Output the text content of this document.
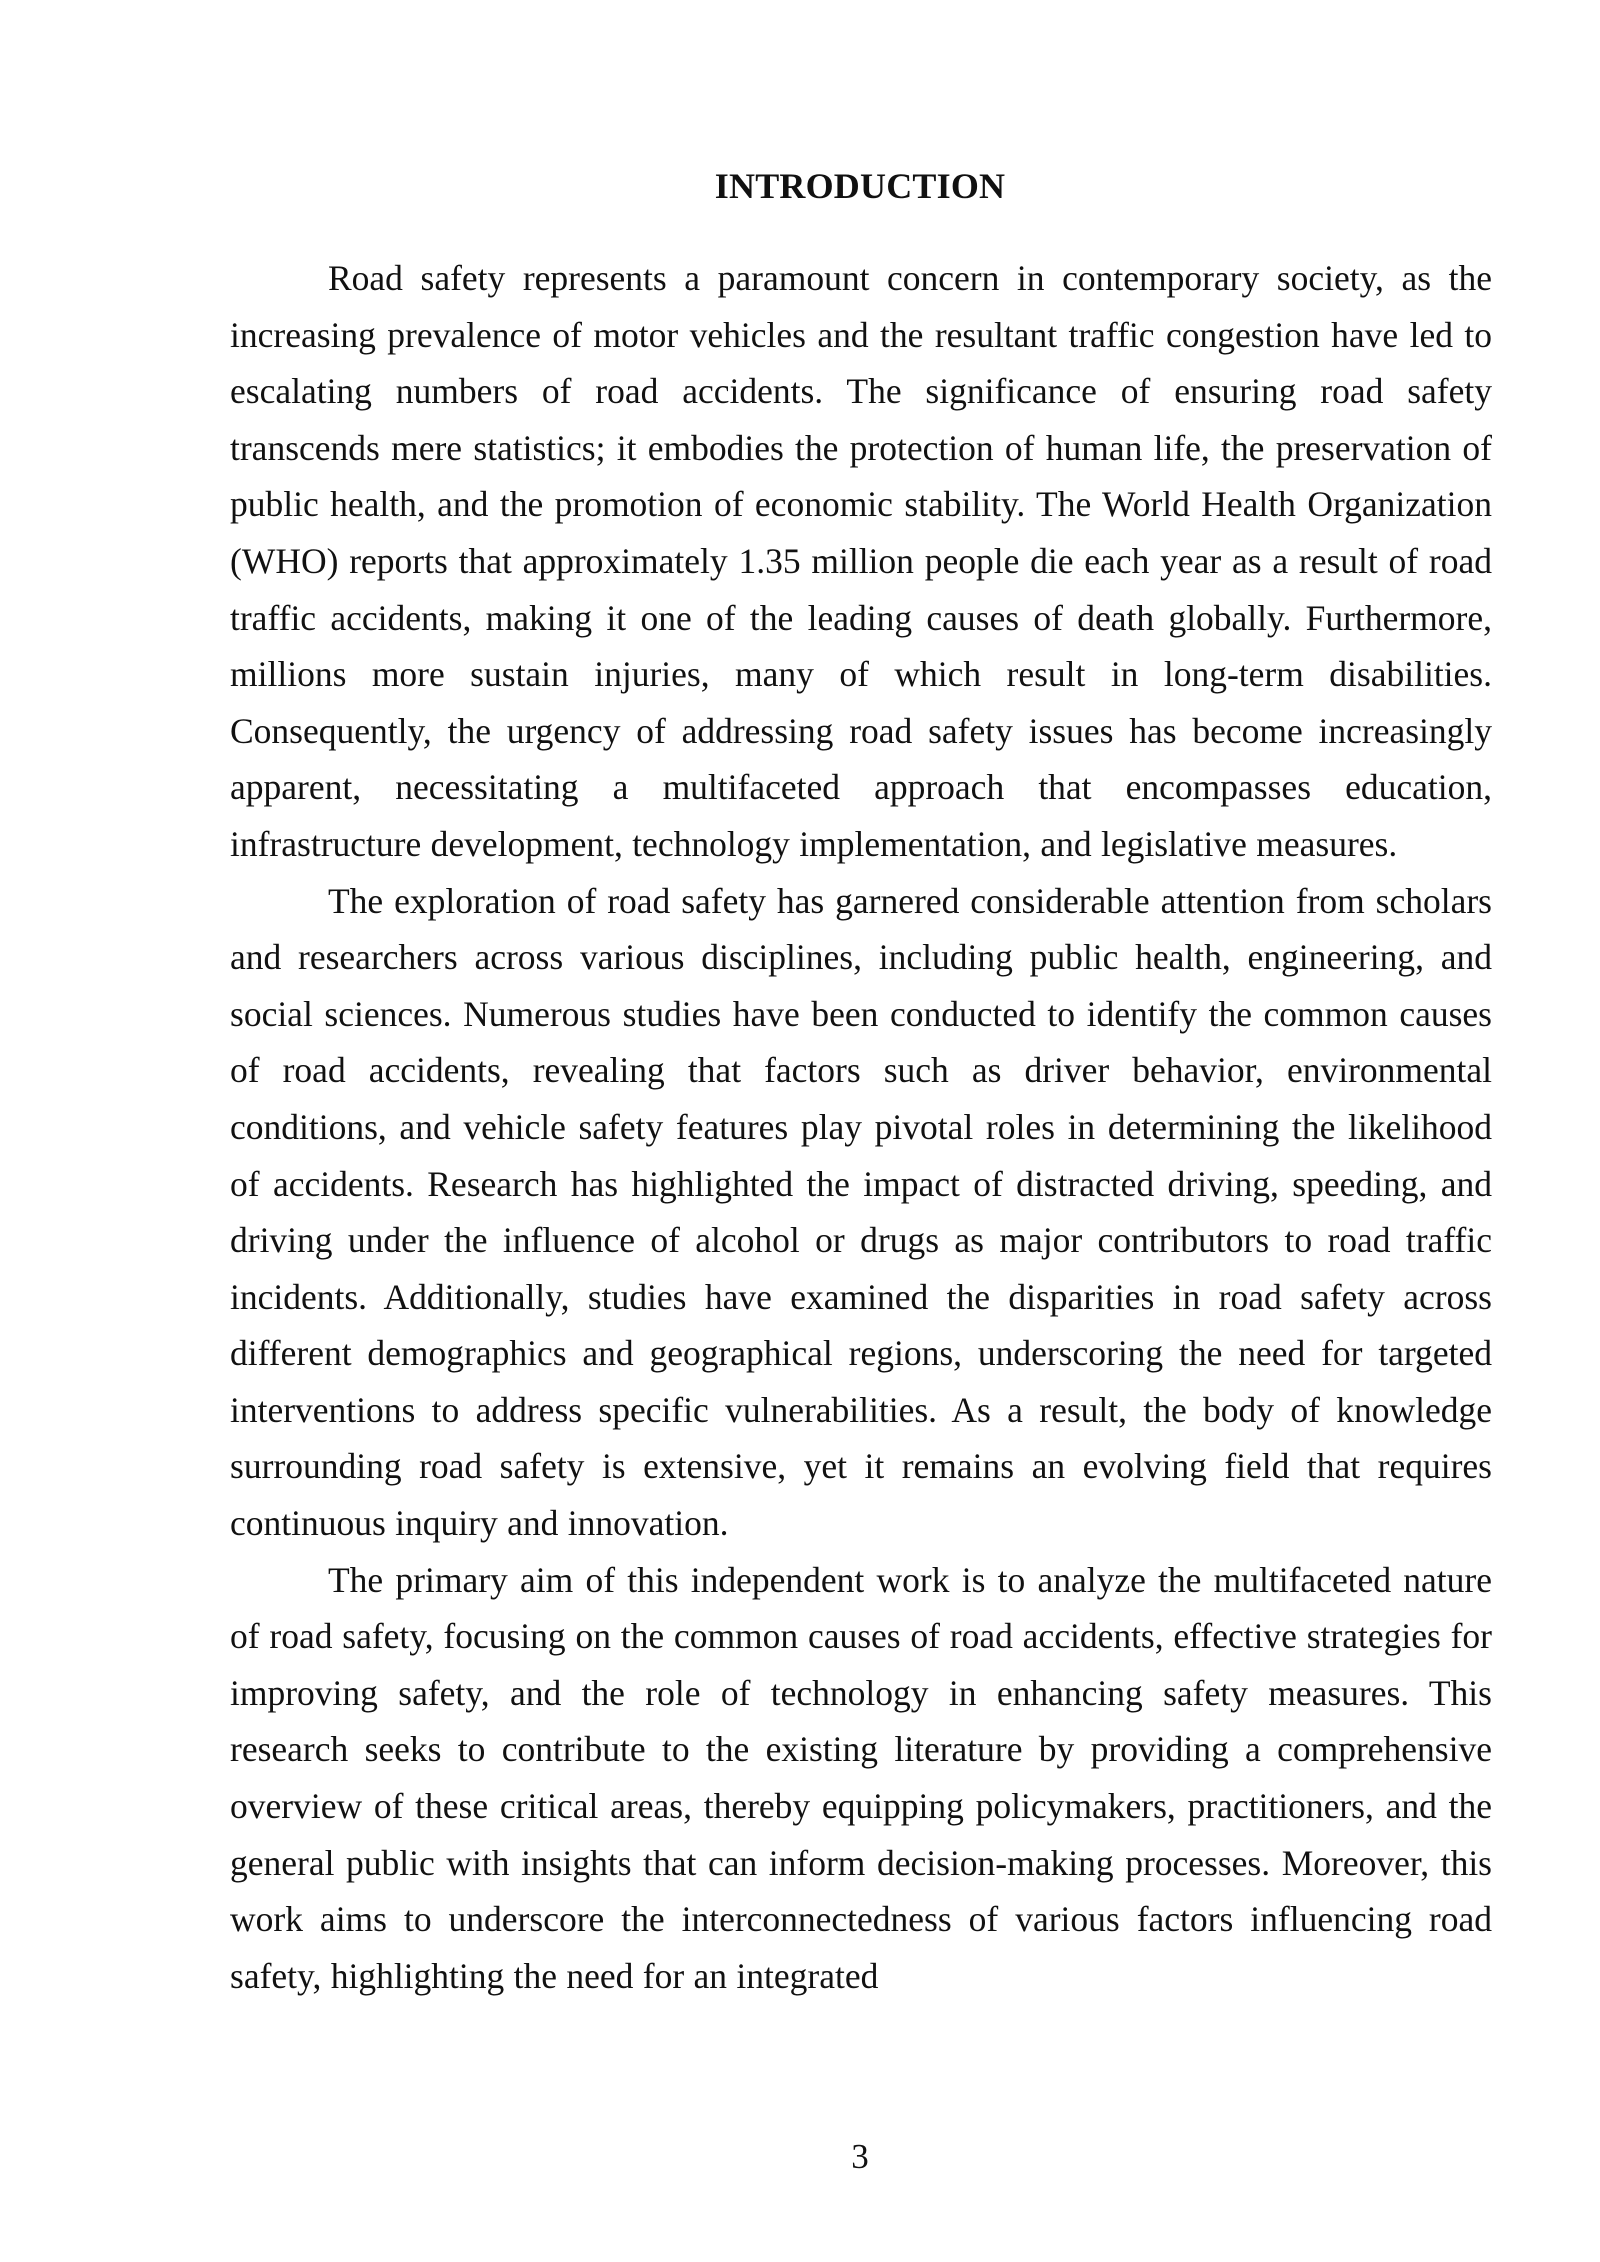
INTRODUCTION

Road safety represents a paramount concern in contemporary society, as the increasing prevalence of motor vehicles and the resultant traffic congestion have led to escalating numbers of road accidents. The significance of ensuring road safety transcends mere statistics; it embodies the protection of human life, the preservation of public health, and the promotion of economic stability. The World Health Organization (WHO) reports that approximately 1.35 million people die each year as a result of road traffic accidents, making it one of the leading causes of death globally. Furthermore, millions more sustain injuries, many of which result in long-term disabilities. Consequently, the urgency of addressing road safety issues has become increasingly apparent, necessitating a multifaceted approach that encompasses education, infrastructure development, technology implementation, and legislative measures.

The exploration of road safety has garnered considerable attention from scholars and researchers across various disciplines, including public health, engineering, and social sciences. Numerous studies have been conducted to identify the common causes of road accidents, revealing that factors such as driver behavior, environmental conditions, and vehicle safety features play pivotal roles in determining the likelihood of accidents. Research has highlighted the impact of distracted driving, speeding, and driving under the influence of alcohol or drugs as major contributors to road traffic incidents. Additionally, studies have examined the disparities in road safety across different demographics and geographical regions, underscoring the need for targeted interventions to address specific vulnerabilities. As a result, the body of knowledge surrounding road safety is extensive, yet it remains an evolving field that requires continuous inquiry and innovation.

The primary aim of this independent work is to analyze the multifaceted nature of road safety, focusing on the common causes of road accidents, effective strategies for improving safety, and the role of technology in enhancing safety measures. This research seeks to contribute to the existing literature by providing a comprehensive overview of these critical areas, thereby equipping policymakers, practitioners, and the general public with insights that can inform decision-making processes. Moreover, this work aims to underscore the interconnectedness of various factors influencing road safety, highlighting the need for an integrated

3
